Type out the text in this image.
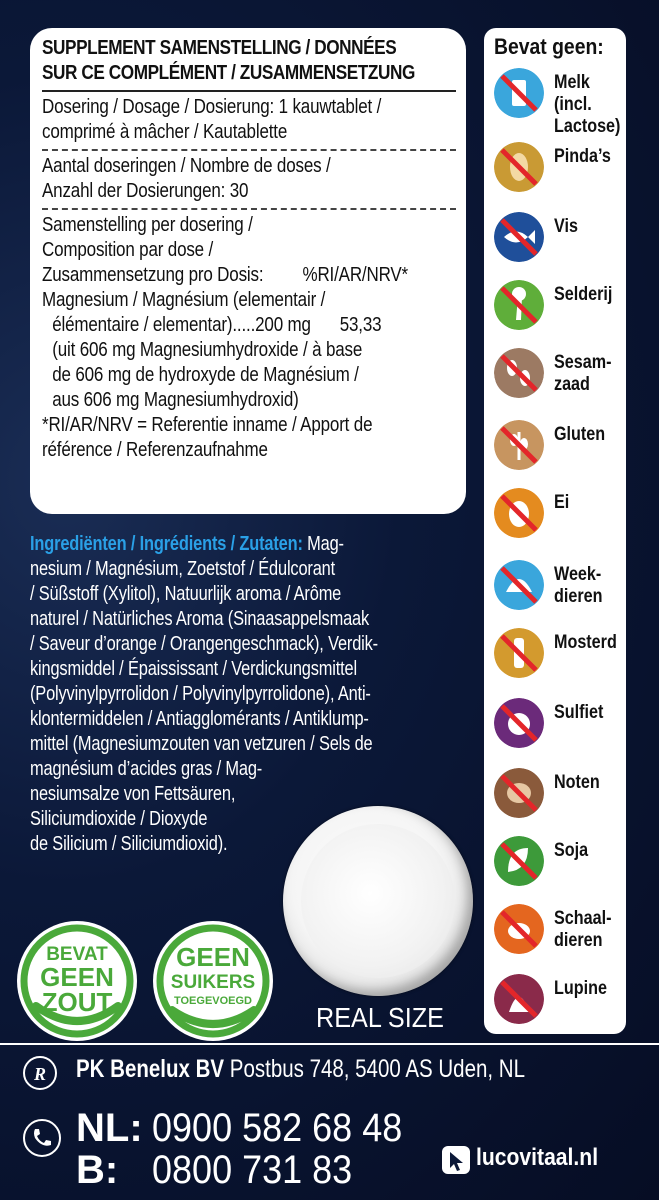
SUPPLEMENT SAMENSTELLING / DONNÉES
SUR CE COMPLÉMENT / ZUSAMMENSETZUNG
Dosering / Dosage / Dosierung: 1 kauwtablet /
comprimé à mâcher / Kautablette
Aantal doseringen / Nombre de doses /
Anzahl der Dosierungen: 30
Samenstelling per dosering /
Composition par dose /
Zusammensetzung pro Dosis: %RI/AR/NRV*
Magnesium / Magnésium (elementair /
élémentaire / elementar).....200 mg 53,33
(uit 606 mg Magnesiumhydroxide / à base
de 606 mg de hydroxyde de Magnésium /
aus 606 mg Magnesiumhydroxid)
*RI/AR/NRV = Referentie inname / Apport de
référence / Referenzaufnahme
Ingrediënten / Ingrédients / Zutaten: Mag-
nesium / Magnésium, Zoetstof / Édulcorant
/ Süßstoff (Xylitol), Natuurlijk aroma / Arôme
naturel / Natürliches Aroma (Sinaasappelsmaak
/ Saveur d’orange / Orangengeschmack), Verdik-
kingsmiddel / Épaississant / Verdickungsmittel
(Polyvinylpyrrolidon / Polyvinylpyrrolidone), Anti-
klontermiddelen / Antiagglomérants / Antiklump-
mittel (Magnesiumzouten van vetzuren / Sels de
magnésium d’acides gras / Mag-
nesiumsalze von Fettsäuren,
Siliciumdioxide / Dioxyde
de Silicium / Siliciumdioxid).
BEVAT
GEEN
ZOUT
GEEN
SUIKERS
TOEGEVOEGD
REAL SIZE
Bevat geen:
Melk
(incl.
Lactose)
Pinda’s
Vis
Selderij
Sesam-
zaad
Gluten
Ei
Week-
dieren
Mosterd
Sulfiet
Noten
Soja
Schaal-
dieren
Lupine
R PK Benelux BV Postbus 748, 5400 AS Uden, NL
NL: 0900 582 68 48
B: 0800 731 83	lucovitaal.nl
